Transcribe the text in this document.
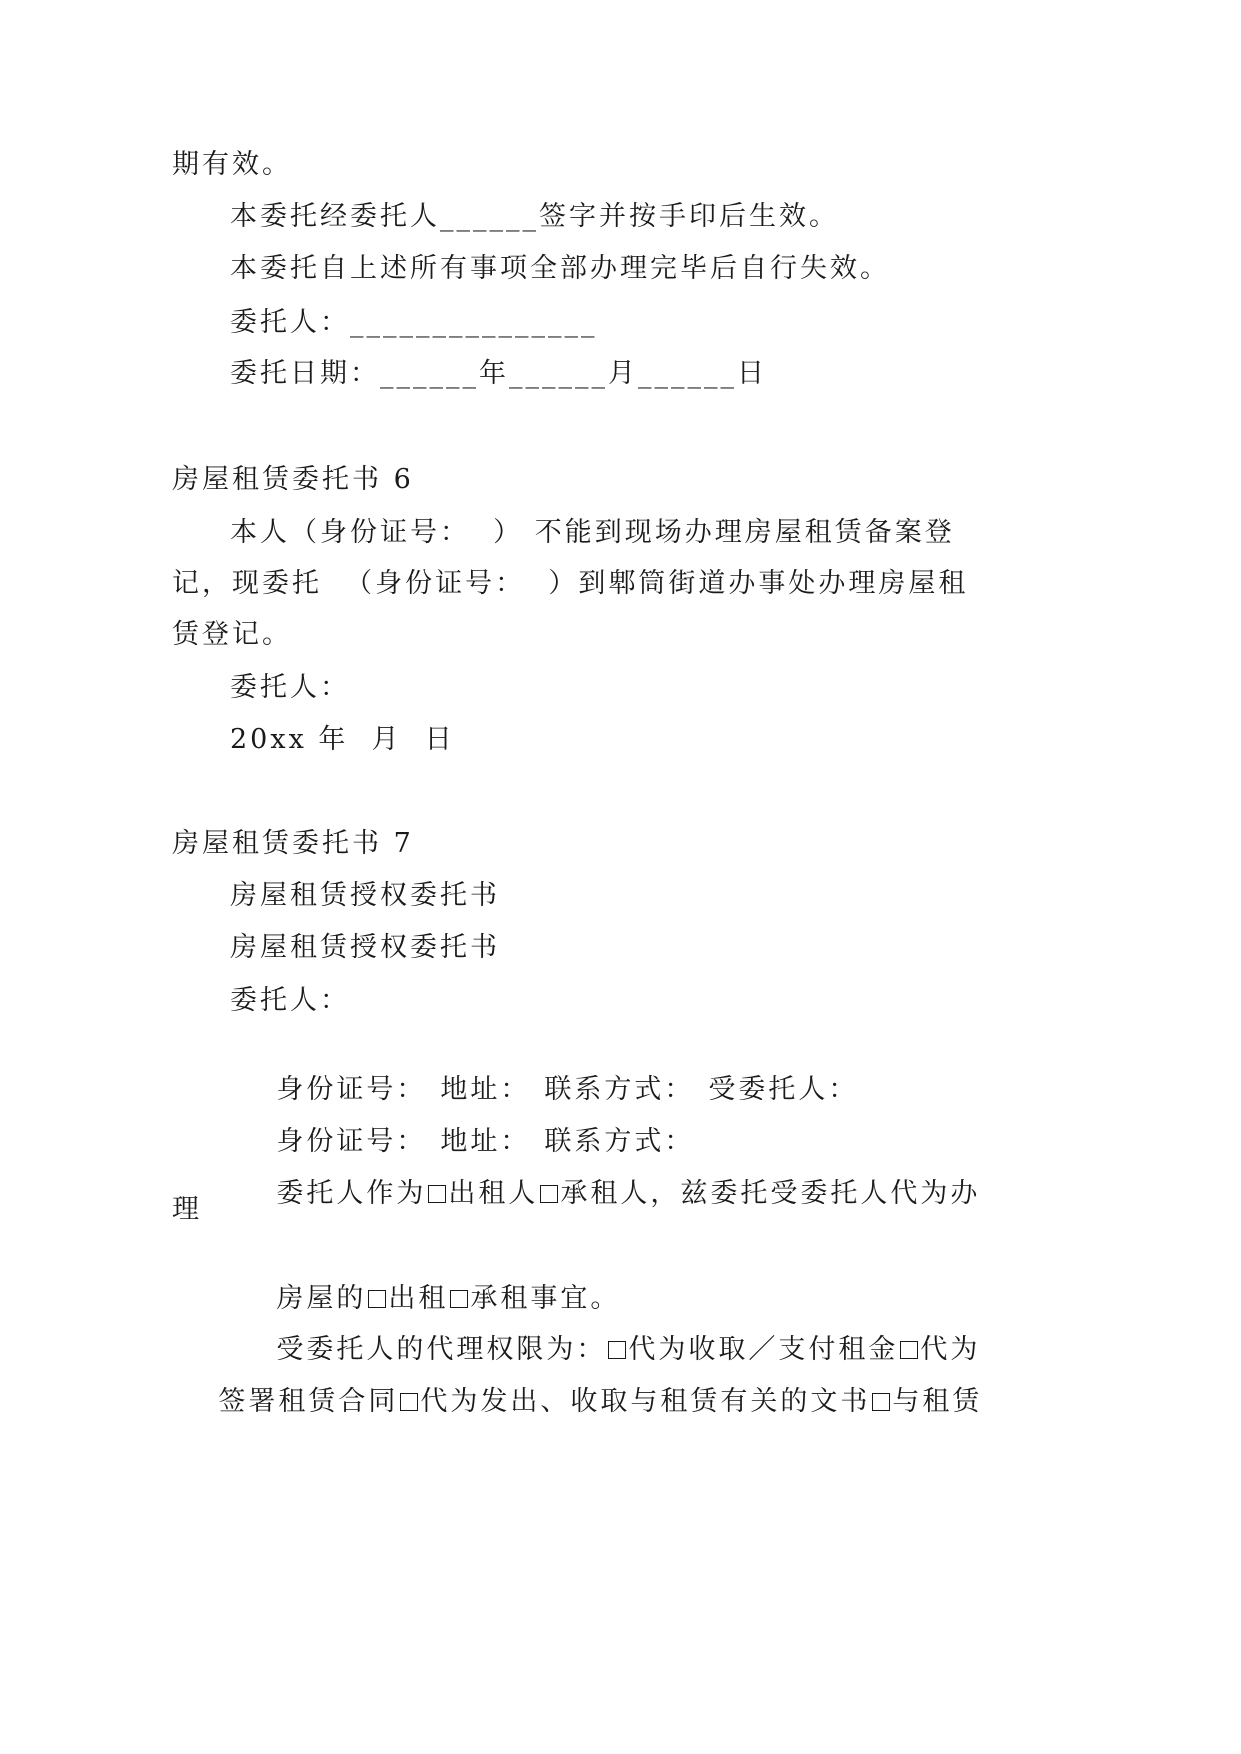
期有效。
本委托经委托人______签字并按手印后生效。
本委托自上述所有事项全部办理完毕后自行失效。
委托人：_______________
委托日期：______年______月______日
房屋租赁委托书 6
本人（身份证号：  ） 不能到现场办理房屋租赁备案登
记，现委托  （身份证号：  ）到郫筒街道办事处办理房屋租
赁登记。
委托人：
20xx 年  月  日
房屋租赁委托书 7
房屋租赁授权委托书
房屋租赁授权委托书
委托人：

身份证号： 地址： 联系方式： 受委托人：

身份证号： 地址： 联系方式：

委托人作为 出租人 承租人，兹委托受委托人代为办

理

房屋的 出租 承租事宜。

受委托人的代理权限为： 代为收取／支付租金 代为

签署租赁合同 代为发出、收取与租赁有关的文书 与租赁
